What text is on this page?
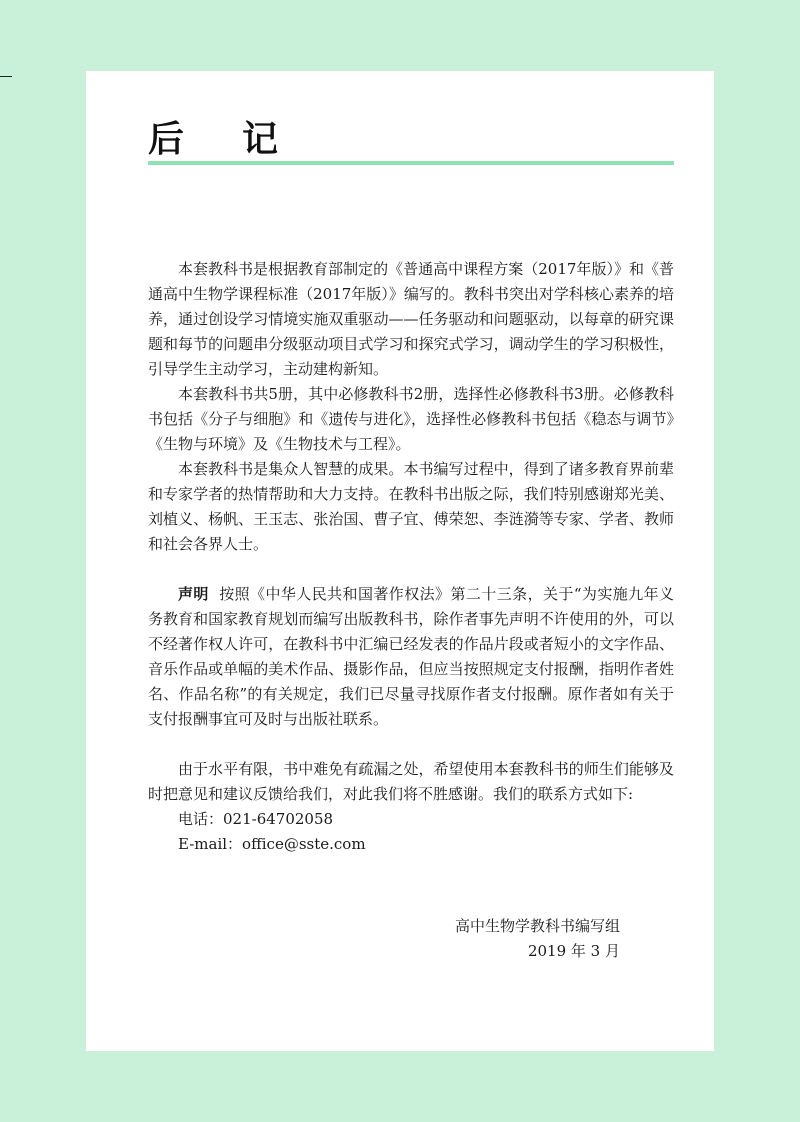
后 记

本套教科书是根据教育部制定的《普通高中课程方案（2017年版）》和《普通高中生物学课程标准（2017年版）》编写的。教科书突出对学科核心素养的培养，通过创设学习情境实施双重驱动——任务驱动和问题驱动，以每章的研究课题和每节的问题串分级驱动项目式学习和探究式学习，调动学生的学习积极性，引导学生主动学习，主动建构新知。

本套教科书共5册，其中必修教科书2册，选择性必修教科书3册。必修教科书包括《分子与细胞》和《遗传与进化》，选择性必修教科书包括《稳态与调节》《生物与环境》及《生物技术与工程》。

本套教科书是集众人智慧的成果。本书编写过程中，得到了诸多教育界前辈和专家学者的热情帮助和大力支持。在教科书出版之际，我们特别感谢郑光美、刘植义、杨帆、王玉志、张治国、曹子宜、傅荣恕、李涟漪等专家、学者、教师和社会各界人士。

声明 按照《中华人民共和国著作权法》第二十三条，关于“为实施九年义务教育和国家教育规划而编写出版教科书，除作者事先声明不许使用的外，可以不经著作权人许可，在教科书中汇编已经发表的作品片段或者短小的文字作品、音乐作品或单幅的美术作品、摄影作品，但应当按照规定支付报酬，指明作者姓名、作品名称”的有关规定，我们已尽量寻找原作者支付报酬。原作者如有关于支付报酬事宜可及时与出版社联系。

由于水平有限，书中难免有疏漏之处，希望使用本套教科书的师生们能够及时把意见和建议反馈给我们，对此我们将不胜感谢。我们的联系方式如下:

电话：021-64702058

E-mail：office@sste.com

高中生物学教科书编写组
2019 年 3 月
